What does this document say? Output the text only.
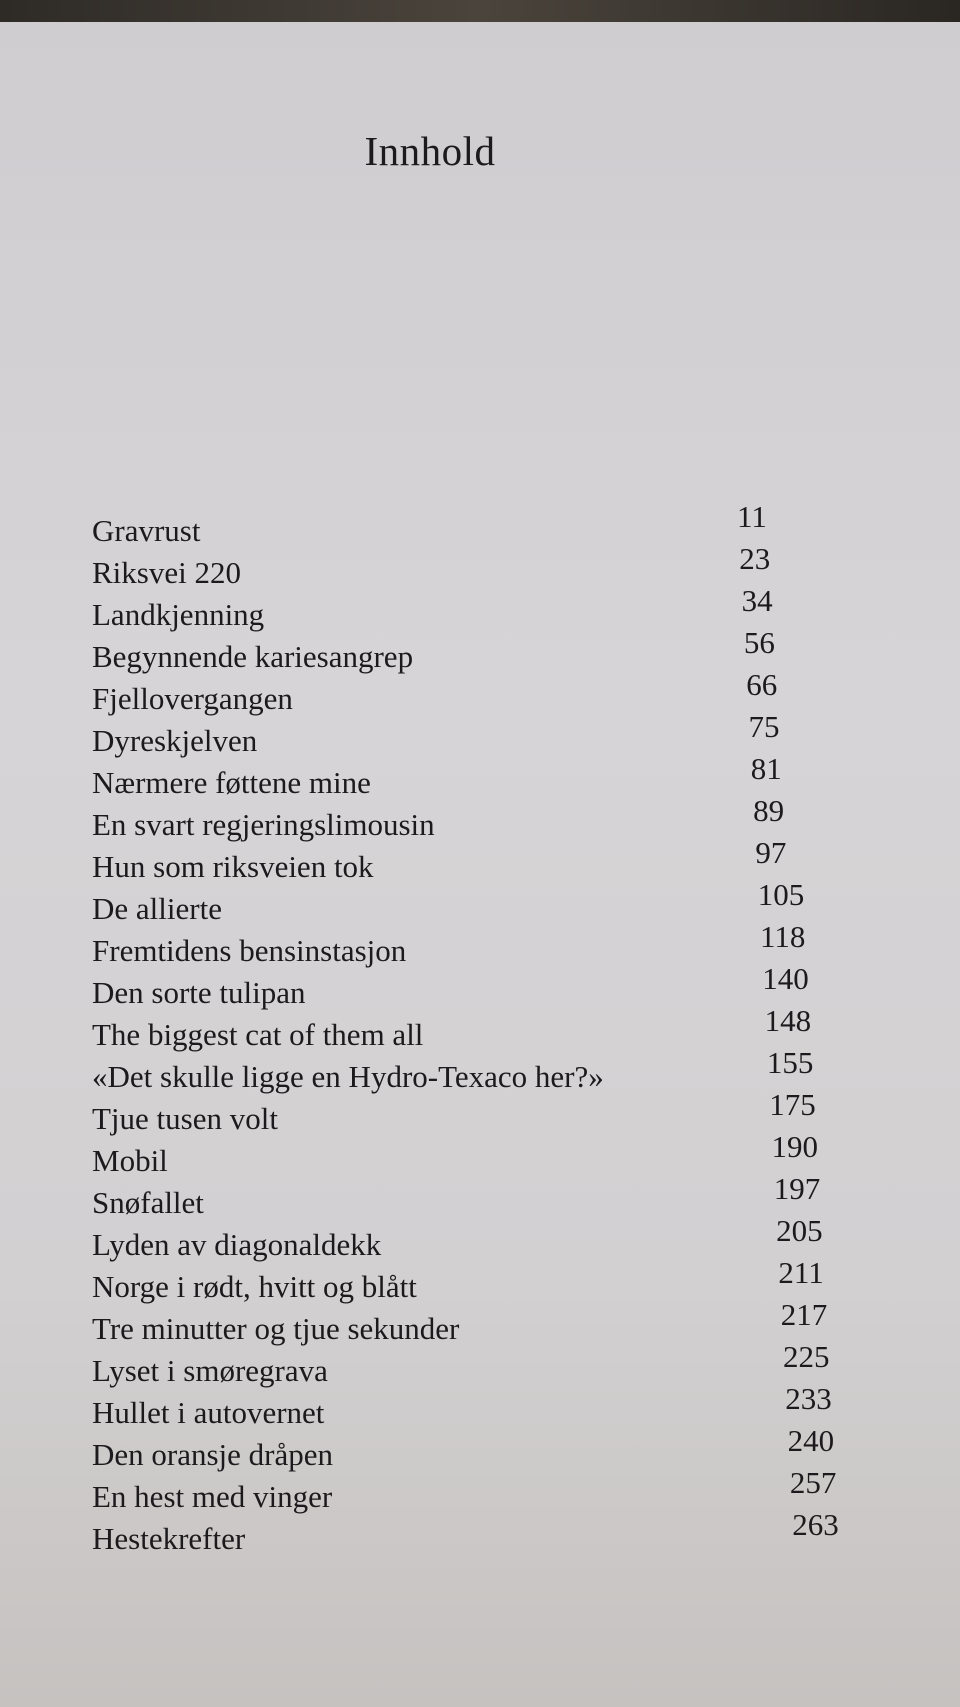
Innhold
Gravrust	11
Riksvei 220	23
Landkjenning	34
Begynnende kariesangrep	56
Fjellovergangen	66
Dyreskjelven	75
Nærmere føttene mine	81
En svart regjeringslimousin	89
Hun som riksveien tok	97
De allierte	105
Fremtidens bensinstasjon	118
Den sorte tulipan	140
The biggest cat of them all	148
«Det skulle ligge en Hydro-Texaco her?»	155
Tjue tusen volt	175
Mobil	190
Snøfallet	197
Lyden av diagonaldekk	205
Norge i rødt, hvitt og blått	211
Tre minutter og tjue sekunder	217
Lyset i smøregrava	225
Hullet i autovernet	233
Den oransje dråpen	240
En hest med vinger	257
Hestekrefter	263
